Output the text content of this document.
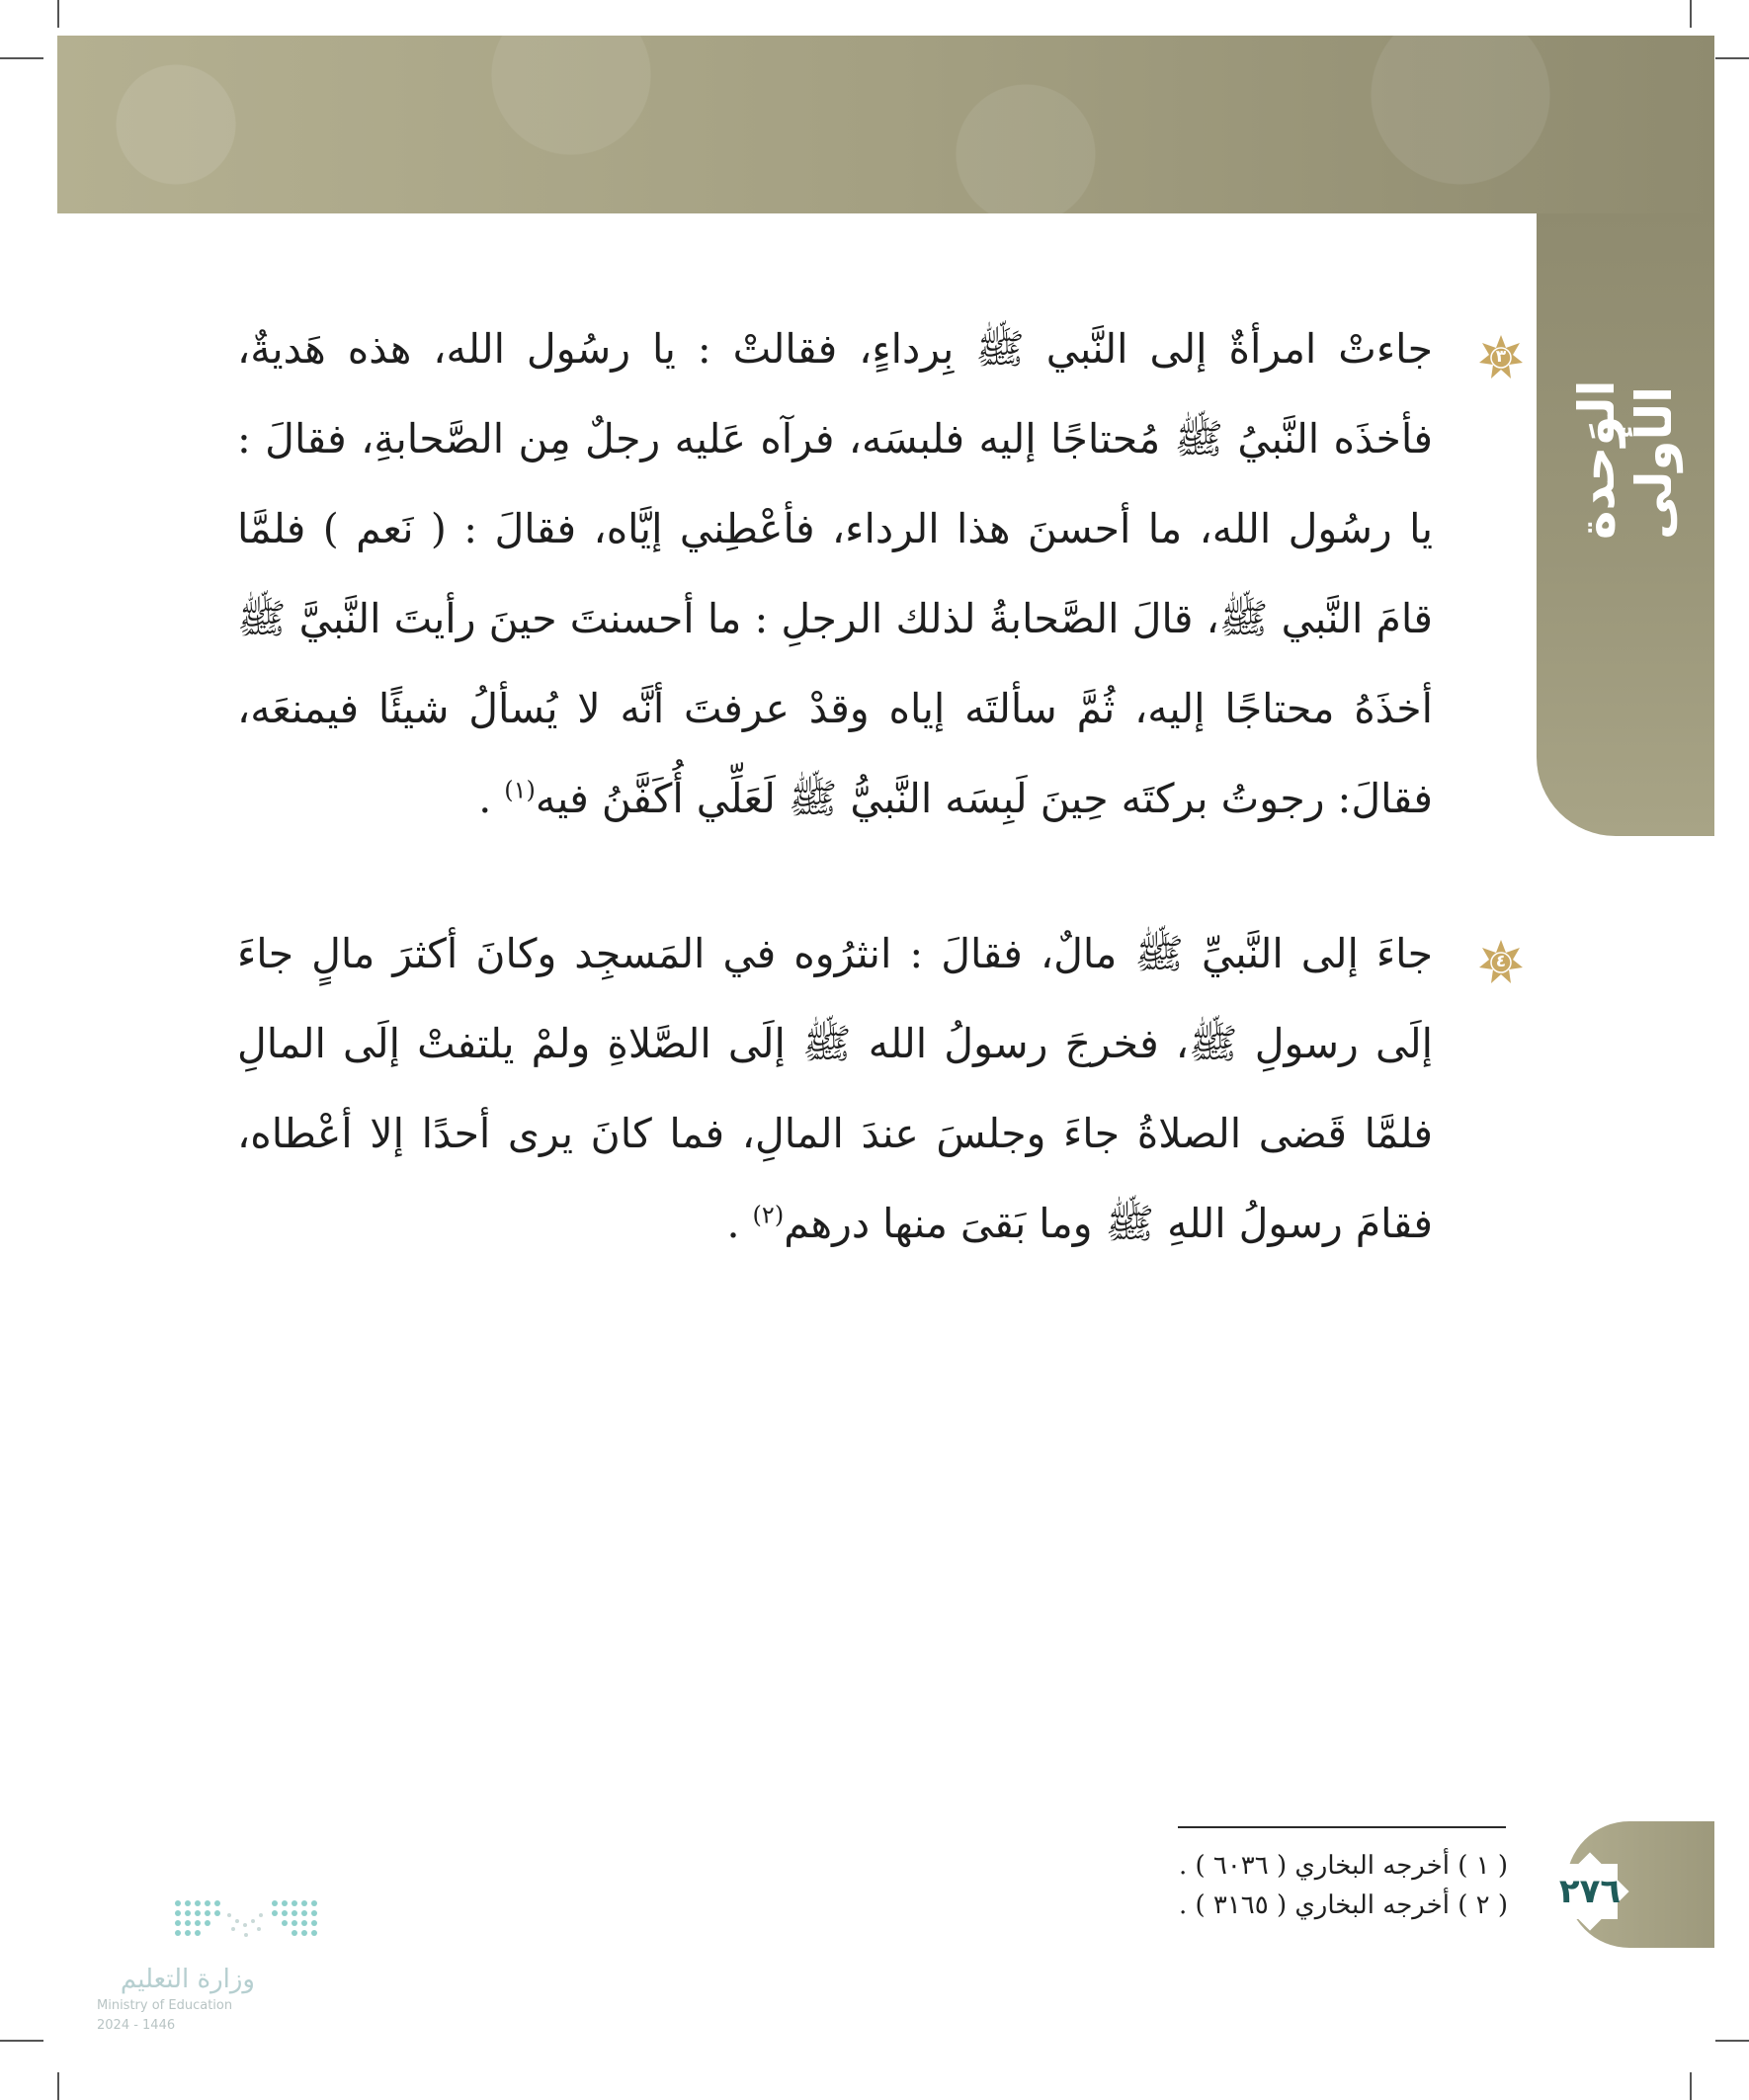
الوَحدة الأولى
٣
جاءتْ امرأةٌ إلى النَّبي ﷺ بِرداءٍ، فقالتْ : يا رسُول الله، هذه هَديةٌ، فأخذَه النَّبيُ ﷺ مُحتاجًا إليه فلبسَه، فرآه عَليه رجلٌ مِن الصَّحابةِ، فقالَ : يا رسُول الله، ما أحسنَ هذا الرداء، فأعْطِني إيَّاه، فقالَ : ( نَعم ) فلمَّا قامَ النَّبي ﷺ، قالَ الصَّحابةُ لذلك الرجلِ : ما أحسنتَ حينَ رأيتَ النَّبيَّ ﷺ أخذَهُ محتاجًا إليه، ثُمَّ سألتَه إياه وقدْ عرفتَ أنَّه لا يُسألُ شيئًا فيمنعَه، فقالَ: رجوتُ بركتَه حِينَ لَبِسَه النَّبيُّ ﷺ لَعَلِّي أُكَفَّنُ فيه$^{(١)}$ .
٤
جاءَ إلى النَّبيِّ ﷺ مالٌ، فقالَ : انثرُوه في المَسجِد وكانَ أكثرَ مالٍ جاءَ إلَى رسولِ ﷺ، فخرجَ رسولُ الله ﷺ إلَى الصَّلاةِ ولمْ يلتفتْ إلَى المالِ فلمَّا قَضى الصلاةُ جاءَ وجلسَ عندَ المالِ، فما كانَ يرى أحدًا إلا أعْطاه، فقامَ رسولُ اللهِ ﷺ وما بَقىَ منها درهم$^{(٢)}$ .
( ١ ) أخرجه البخاري ( ٦٠٣٦ ) .
( ٢ ) أخرجه البخاري ( ٣١٦٥ ) . ٢٧٦
وزارة التعليم
Ministry of Education
2024 - 1446
